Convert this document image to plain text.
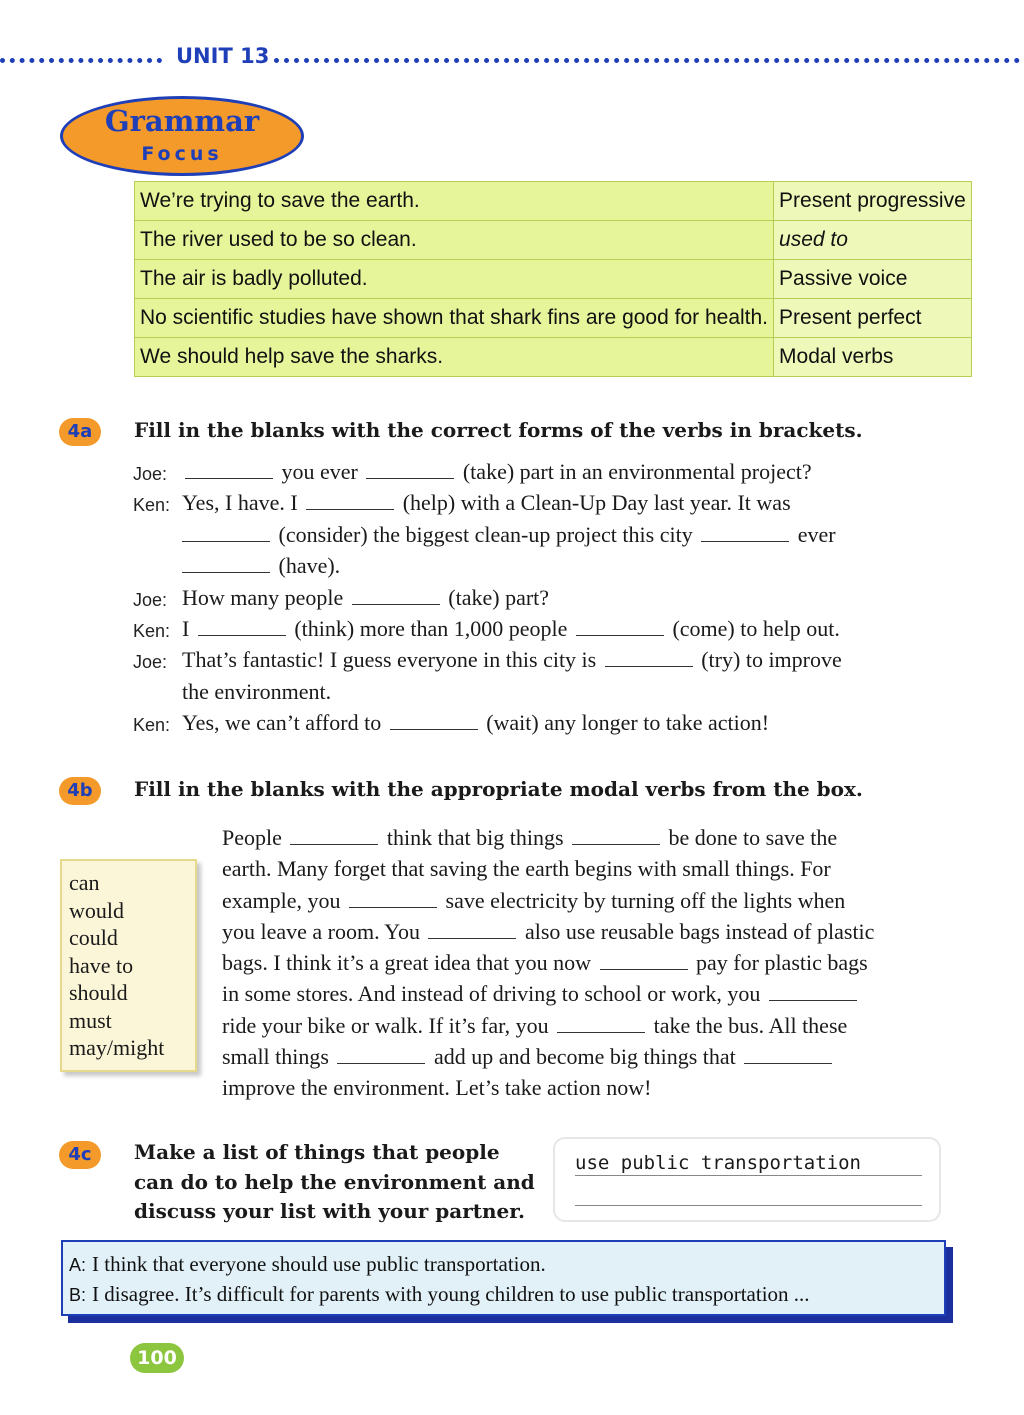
UNIT 13
Grammar
Focus
We’re trying to save the earth.	Present progressive
The river used to be so clean.	used to
The air is badly polluted.	Passive voice
No scientific studies have shown that shark fins are good for health.	Present perfect
We should help save the sharks.	Modal verbs
4a	Fill in the blanks with the correct forms of the verbs in brackets.
Joe:	you ever	(take) part in an environmental project?
Ken: Yes, I have. I	(help) with a Clean-Up Day last year. It was
(consider) the biggest clean-up project this city	ever
(have).
Joe: How many people	(take) part?
Ken: I	(think) more than 1,000 people	(come) to help out.
Joe: That’s fantastic! I guess everyone in this city is	(try) to improve
the environment.
Ken: Yes, we can’t afford to	(wait) any longer to take action!
4b	Fill in the blanks with the appropriate modal verbs from the box.
can
would
could
have to
should
must
may/might
People	think that big things	be done to save the
earth. Many forget that saving the earth begins with small things. For
example, you	save electricity by turning off the lights when
you leave a room. You	also use reusable bags instead of plastic
bags. I think it’s a great idea that you now	pay for plastic bags
in some stores. And instead of driving to school or work, you
ride your bike or walk. If it’s far, you	take the bus. All these
small things	add up and become big things that
improve the environment. Let’s take action now!
4c	Make a list of things that people
can do to help the environment and
discuss your list with your partner.
use public transportation
A: I think that everyone should use public transportation.
B: I disagree. It’s difficult for parents with young children to use public transportation ...
100
